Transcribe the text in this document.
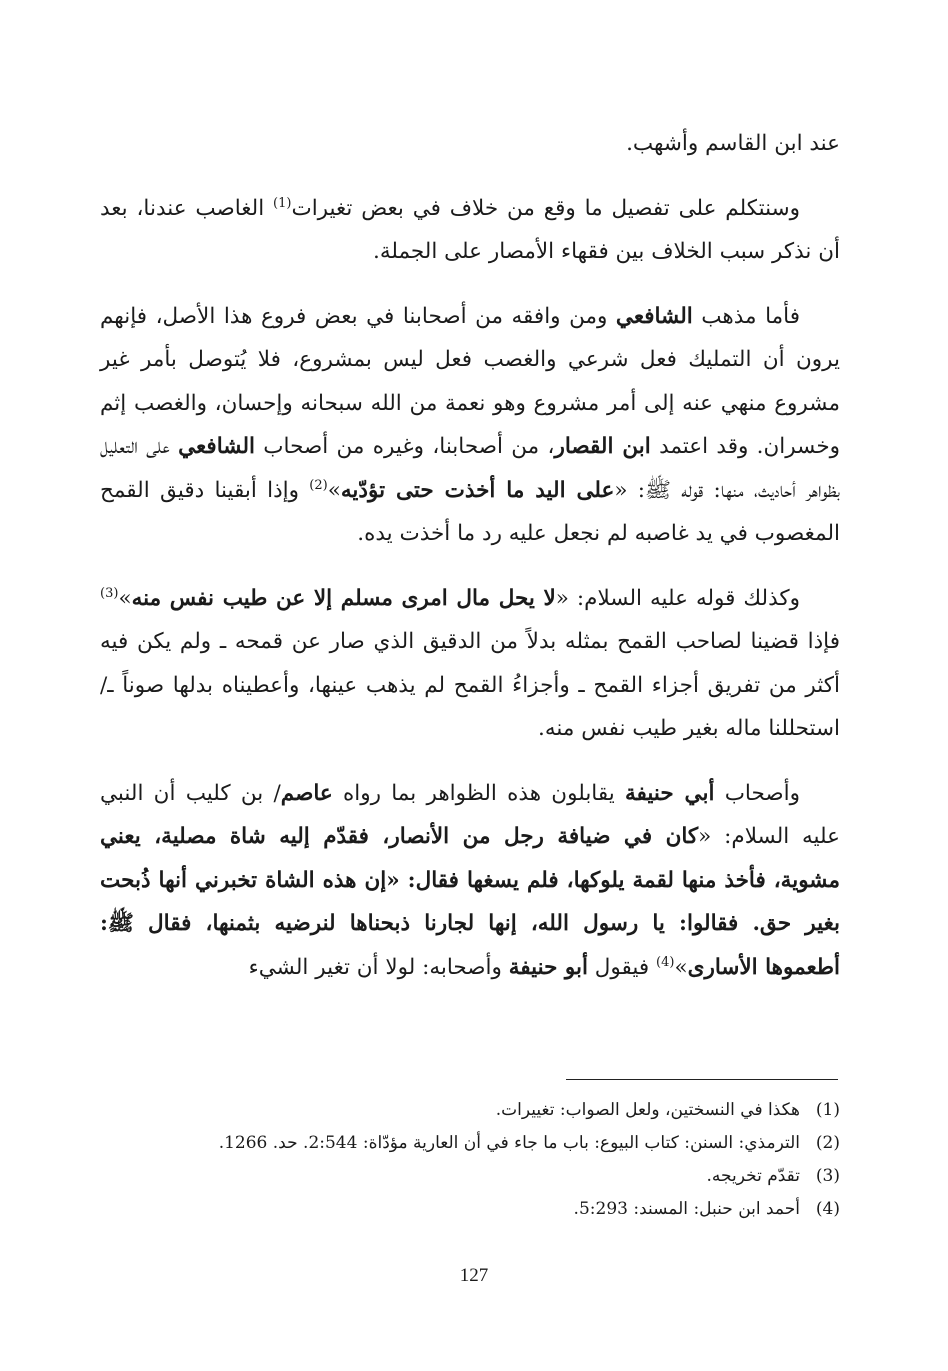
عند ابن القاسم وأشهب.

وسنتكلم على تفصيل ما وقع من خلاف في بعض تغيرات$^{(1)}$ الغاصب عندنا، بعد أن نذكر سبب الخلاف بين فقهاء الأمصار على الجملة.

فأما مذهب الشافعي ومن وافقه من أصحابنا في بعض فروع هذا الأصل، فإنهم يرون أن التمليك فعل شرعي والغصب فعل ليس بمشروع، فلا يُتوصل بأمر غير مشروع منهي عنه إلى أمر مشروع وهو نعمة من الله سبحانه وإحسان، والغصب إثم وخسران. وقد اعتمد ابن القصار، من أصحابنا، وغيره من أصحاب الشافعي على التعليل بظواهر أحاديث، منها: قوله ﷺ: «على اليد ما أخذت حتى تؤدّيه»$^{(2)}$ وإذا أبقينا دقيق القمح المغصوب في يد غاصبه لم نجعل عليه رد ما أخذت يده.

وكذلك قوله عليه السلام: «لا يحل مال امرى مسلم إلا عن طيب نفس منه»$^{(3)}$ فإذا قضينا لصاحب القمح بمثله بدلاً من الدقيق الذي صار عن قمحه ـ ولم يكن فيه أكثر من تفريق أجزاء القمح ـ وأجزاءُ القمح لم يذهب عينها، وأعطيناه بدلها صوناً ـ/ استحللنا ماله بغير طيب نفس منه.

وأصحاب أبي حنيفة يقابلون هذه الظواهر بما رواه عاصم/ بن كليب أن النبي عليه السلام: «كان في ضيافة رجل من الأنصار، فقدّم إليه شاة مصلية، يعني مشوية، فأخذ منها لقمة يلوكها، فلم يسغها فقال: «إن هذه الشاة تخبرني أنها ذُبحت بغير حق. فقالوا: يا رسول الله، إنها لجارنا ذبحناها لنرضيه بثمنها، فقال ﷺ: أطعموها الأسارى»$^{(4)}$ فيقول أبو حنيفة وأصحابه: لولا أن تغير الشيء

(1)
هكذا في النسختين، ولعل الصواب: تغييرات.
(2)
الترمذي: السنن: كتاب البيوع: باب ما جاء في أن العارية مؤدّاة: 2:544. حد. 1266.
(3)
تقدّم تخريجه.
(4)
أحمد ابن حنبل: المسند: 5:293.
127
